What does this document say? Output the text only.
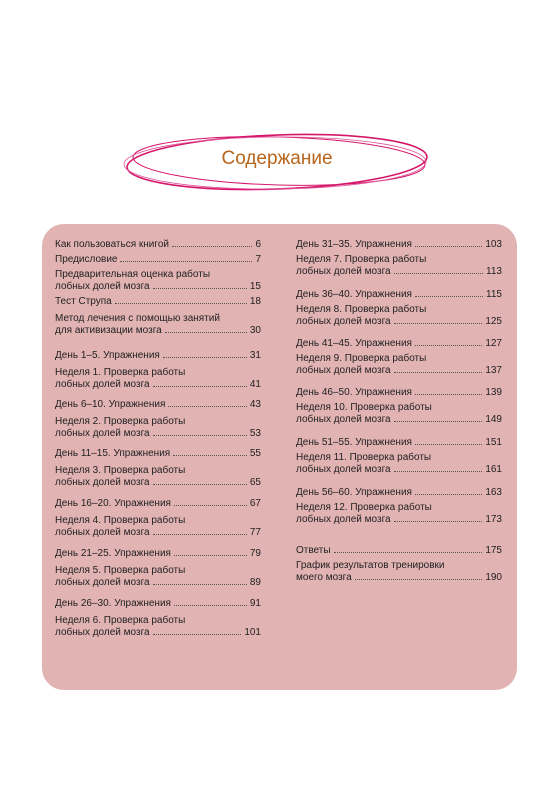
Содержание
Как пользоваться книгой	6
Предисловие	7
Предварительная оценка работы
лобных долей мозга	15
Тест Струпа	18
Метод лечения с помощью занятий
для активизации мозга	30
День 1–5. Упражнения	31
Неделя 1. Проверка работы
лобных долей мозга	41
День 6–10. Упражнения	43
Неделя 2. Проверка работы
лобных долей мозга	53
День 11–15. Упражнения	55
Неделя 3. Проверка работы
лобных долей мозга	65
День 16–20. Упражнения	67
Неделя 4. Проверка работы
лобных долей мозга	77
День 21–25. Упражнения	79
Неделя 5. Проверка работы
лобных долей мозга	89
День 26–30. Упражнения	91
Неделя 6. Проверка работы
лобных долей мозга	101
День 31–35. Упражнения	103
Неделя 7. Проверка работы
лобных долей мозга	113
День 36–40. Упражнения	115
Неделя 8. Проверка работы
лобных долей мозга	125
День 41–45. Упражнения	127
Неделя 9. Проверка работы
лобных долей мозга	137
День 46–50. Упражнения	139
Неделя 10. Проверка работы
лобных долей мозга	149
День 51–55. Упражнения	151
Неделя 11. Проверка работы
лобных долей мозга	161
День 56–60. Упражнения	163
Неделя 12. Проверка работы
лобных долей мозга	173
Ответы	175
График результатов тренировки
моего мозга	190
